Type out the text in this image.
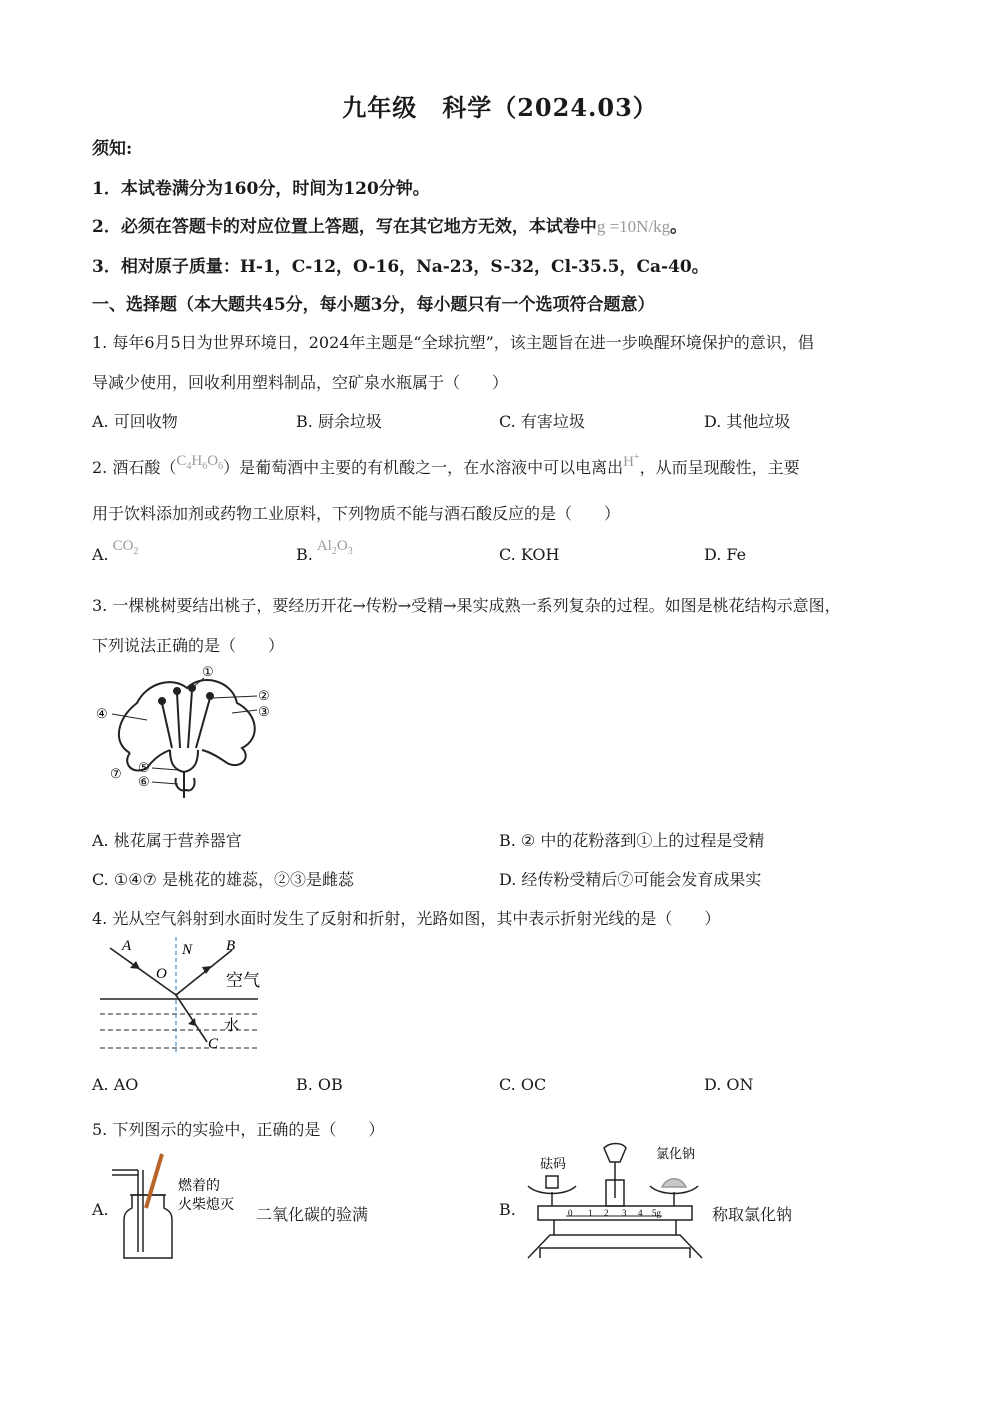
九年级　科学（2024.03）
须知:
1．本试卷满分为160分，时间为120分钟。
2．必须在答题卡的对应位置上答题，写在其它地方无效，本试卷中g =10N/kg。
3．相对原子质量：H-1，C-12，O-16，Na-23，S-32，Cl-35.5，Ca-40。
一、选择题（本大题共45分，每小题3分，每小题只有一个选项符合题意）
1. 每年6月5日为世界环境日，2024年主题是“全球抗塑”，该主题旨在进一步唤醒环境保护的意识，倡
导减少使用，回收利用塑料制品，空矿泉水瓶属于（　　）
A. 可回收物	B. 厨余垃圾	C. 有害垃圾	D. 其他垃圾
2. 酒石酸$(C_4H_6O_6)$是葡萄酒中主要的有机酸之一，在水溶液中可以电离出H+，从而呈现酸性，主要
用于饮料添加剂或药物工业原料，下列物质不能与酒石酸反应的是（　　）
A. $CO_2$	B. $Al_2O_3$	C. KOH	D. Fe
3. 一棵桃树要结出桃子，要经历开花→传粉→受精→果实成熟一系列复杂的过程。如图是桃花结构示意图，
下列说法正确的是（　　）
①
②
③
④
⑤
⑥
⑦
A. 桃花属于营养器官	B. ② 中的花粉落到①上的过程是受精
C. ①④⑦ 是桃花的雄蕊，②③是雌蕊	D. 经传粉受精后⑦可能会发育成果实
4. 光从空气斜射到水面时发生了反射和折射，光路如图，其中表示折射光线的是（　　）
A	N B
O
C
空气
水
A. AO	B. OB	C. OC	D. ON
5. 下列图示的实验中，正确的是（　　）
A.
燃着的
火柴熄灭 二氧化碳的验满	B.	0 1 2 3 4 5g
砝码
氯化钠
称取氯化钠
